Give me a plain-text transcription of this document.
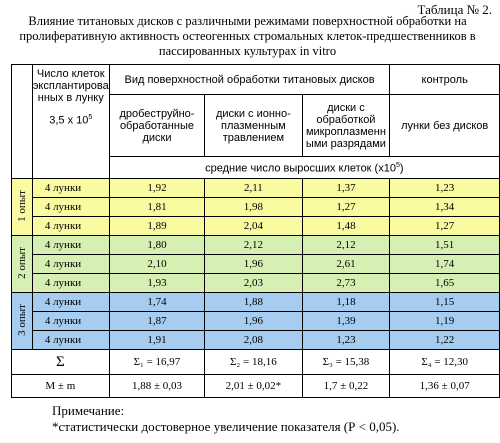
Таблица № 2.
Влияние титановых дисков с различными режимами поверхностной обработки на пролиферативную активность остеогенных стромальных клеток-предшественников в пассированных культурах in vitro

	Число клеток эксплантирова нных в лунку
3,5 х $10^5$	Вид поверхностной обработки титановых дисков			контроль
		дробеструйно-обработанные диски	диски с ионно-плазменным травлением	диски с обработкой микроплазменн ыми разрядами	лунки без дисков
		средние число выросших клеток $(х10^5)$			
1 опыт	4 лунки	1,92	2,11	1,37	1,23
	4 лунки	1,81	1,98	1,27	1,34
	4 лунки	1,89	2,04	1,48	1,27
2 опыт	4 лунки	1,80	2,12	2,12	1,51
	4 лунки	2,10	1,96	2,61	1,74
	4 лунки	1,93	2,03	2,73	1,65
3 опыт	4 лунки	1,74	1,88	1,18	1,15
	4 лунки	1,87	1,96	1,39	1,19
	4 лунки	1,91	2,08	1,23	1,22
Σ		Σ₁ = 16,97	Σ₂ = 18,16	Σ₃ = 15,38	Σ₄ = 12,30
М ± m		1,88 ± 0,03	2,01 ± 0,02*	1,7 ± 0,22	1,36 ± 0,07
Примечание:
*статистически достоверное увеличение показателя (Р < 0,05).
